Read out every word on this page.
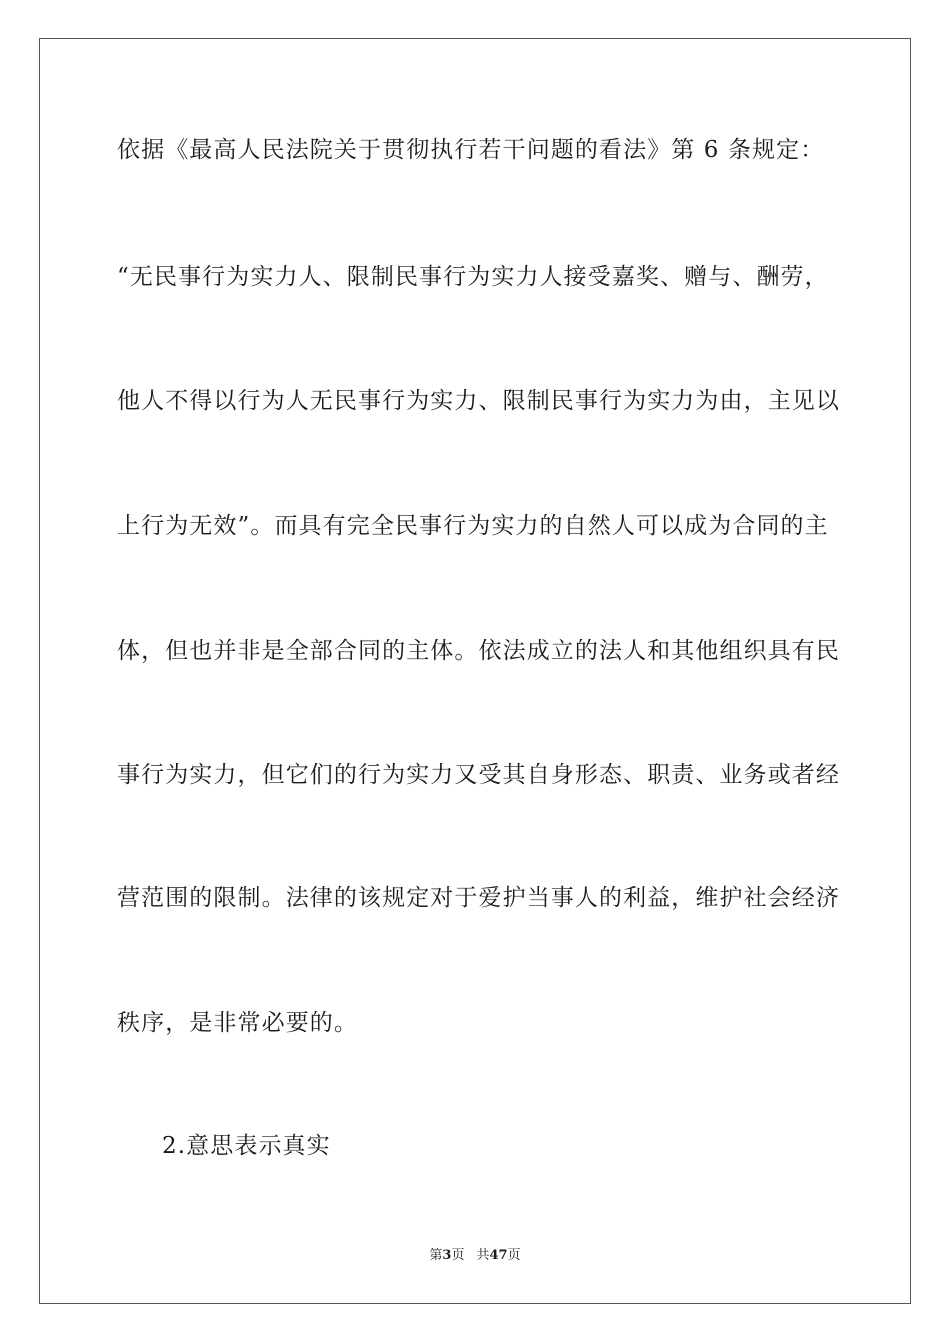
依据《最高人民法院关于贯彻执行若干问题的看法》第 6 条规定：
“无民事行为实力人、限制民事行为实力人接受嘉奖、赠与、酬劳，
他人不得以行为人无民事行为实力、限制民事行为实力为由，主见以
上行为无效”。而具有完全民事行为实力的自然人可以成为合同的主
体，但也并非是全部合同的主体。依法成立的法人和其他组织具有民
事行为实力，但它们的行为实力又受其自身形态、职责、业务或者经
营范围的限制。法律的该规定对于爱护当事人的利益，维护社会经济
秩序，是非常必要的。
2.意思表示真实
第3页 共47页
